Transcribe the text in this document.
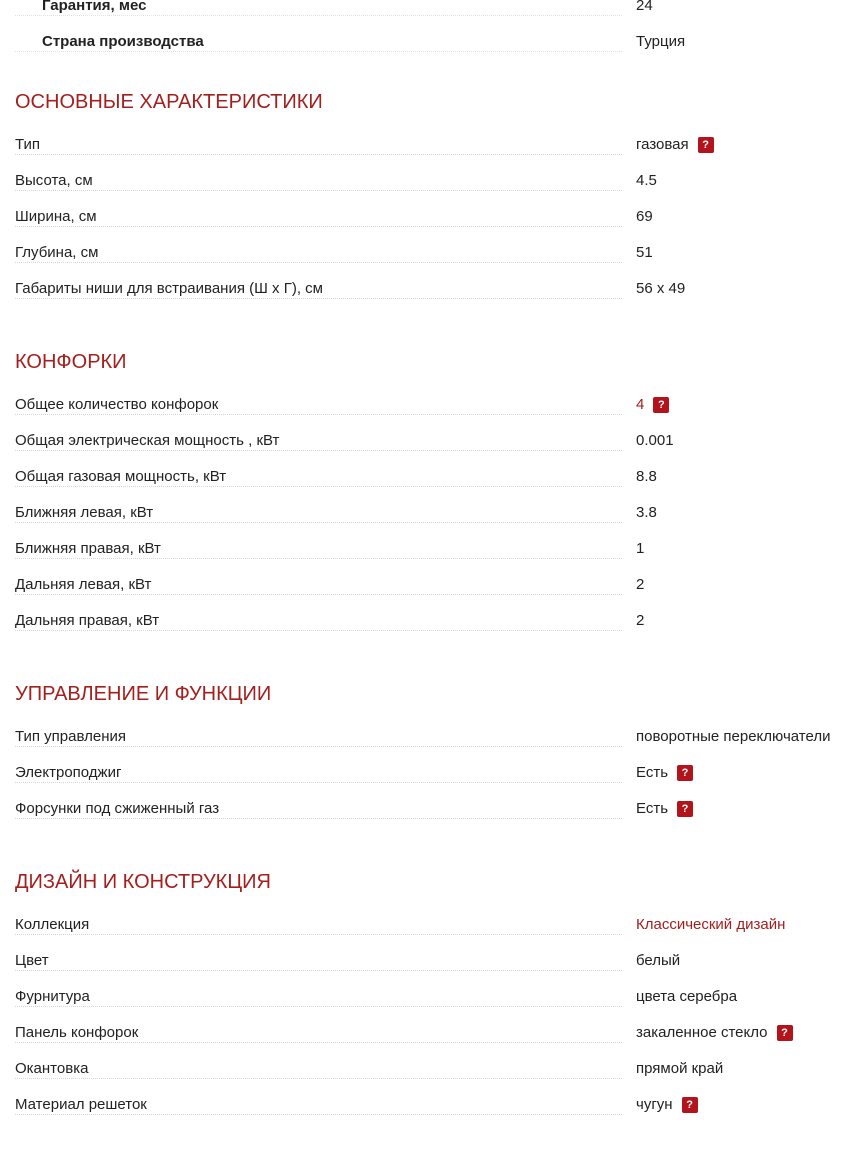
Гарантия, мес	24
Страна производства	Турция
ОСНОВНЫЕ ХАРАКТЕРИСТИКИ
Тип	газовая	?
Высота, см	4.5
Ширина, см	69
Глубина, см	51
Габариты ниши для встраивания (Ш х Г), см	56 x 49
КОНФОРКИ
Общее количество конфорок	4	?
Общая электрическая мощность , кВт	0.001
Общая газовая мощность, кВт	8.8
Ближняя левая, кВт	3.8
Ближняя правая, кВт	1
Дальняя левая, кВт	2
Дальняя правая, кВт	2
УПРАВЛЕНИЕ И ФУНКЦИИ
Тип управления	поворотные переключатели
Электроподжиг	Есть	?
Форсунки под сжиженный газ	Есть	?
ДИЗАЙН И КОНСТРУКЦИЯ
Коллекция	Классический дизайн
Цвет	белый
Фурнитура	цвета серебра
Панель конфорок	закаленное стекло	?
Окантовка	прямой край
Материал решеток	чугун	?
